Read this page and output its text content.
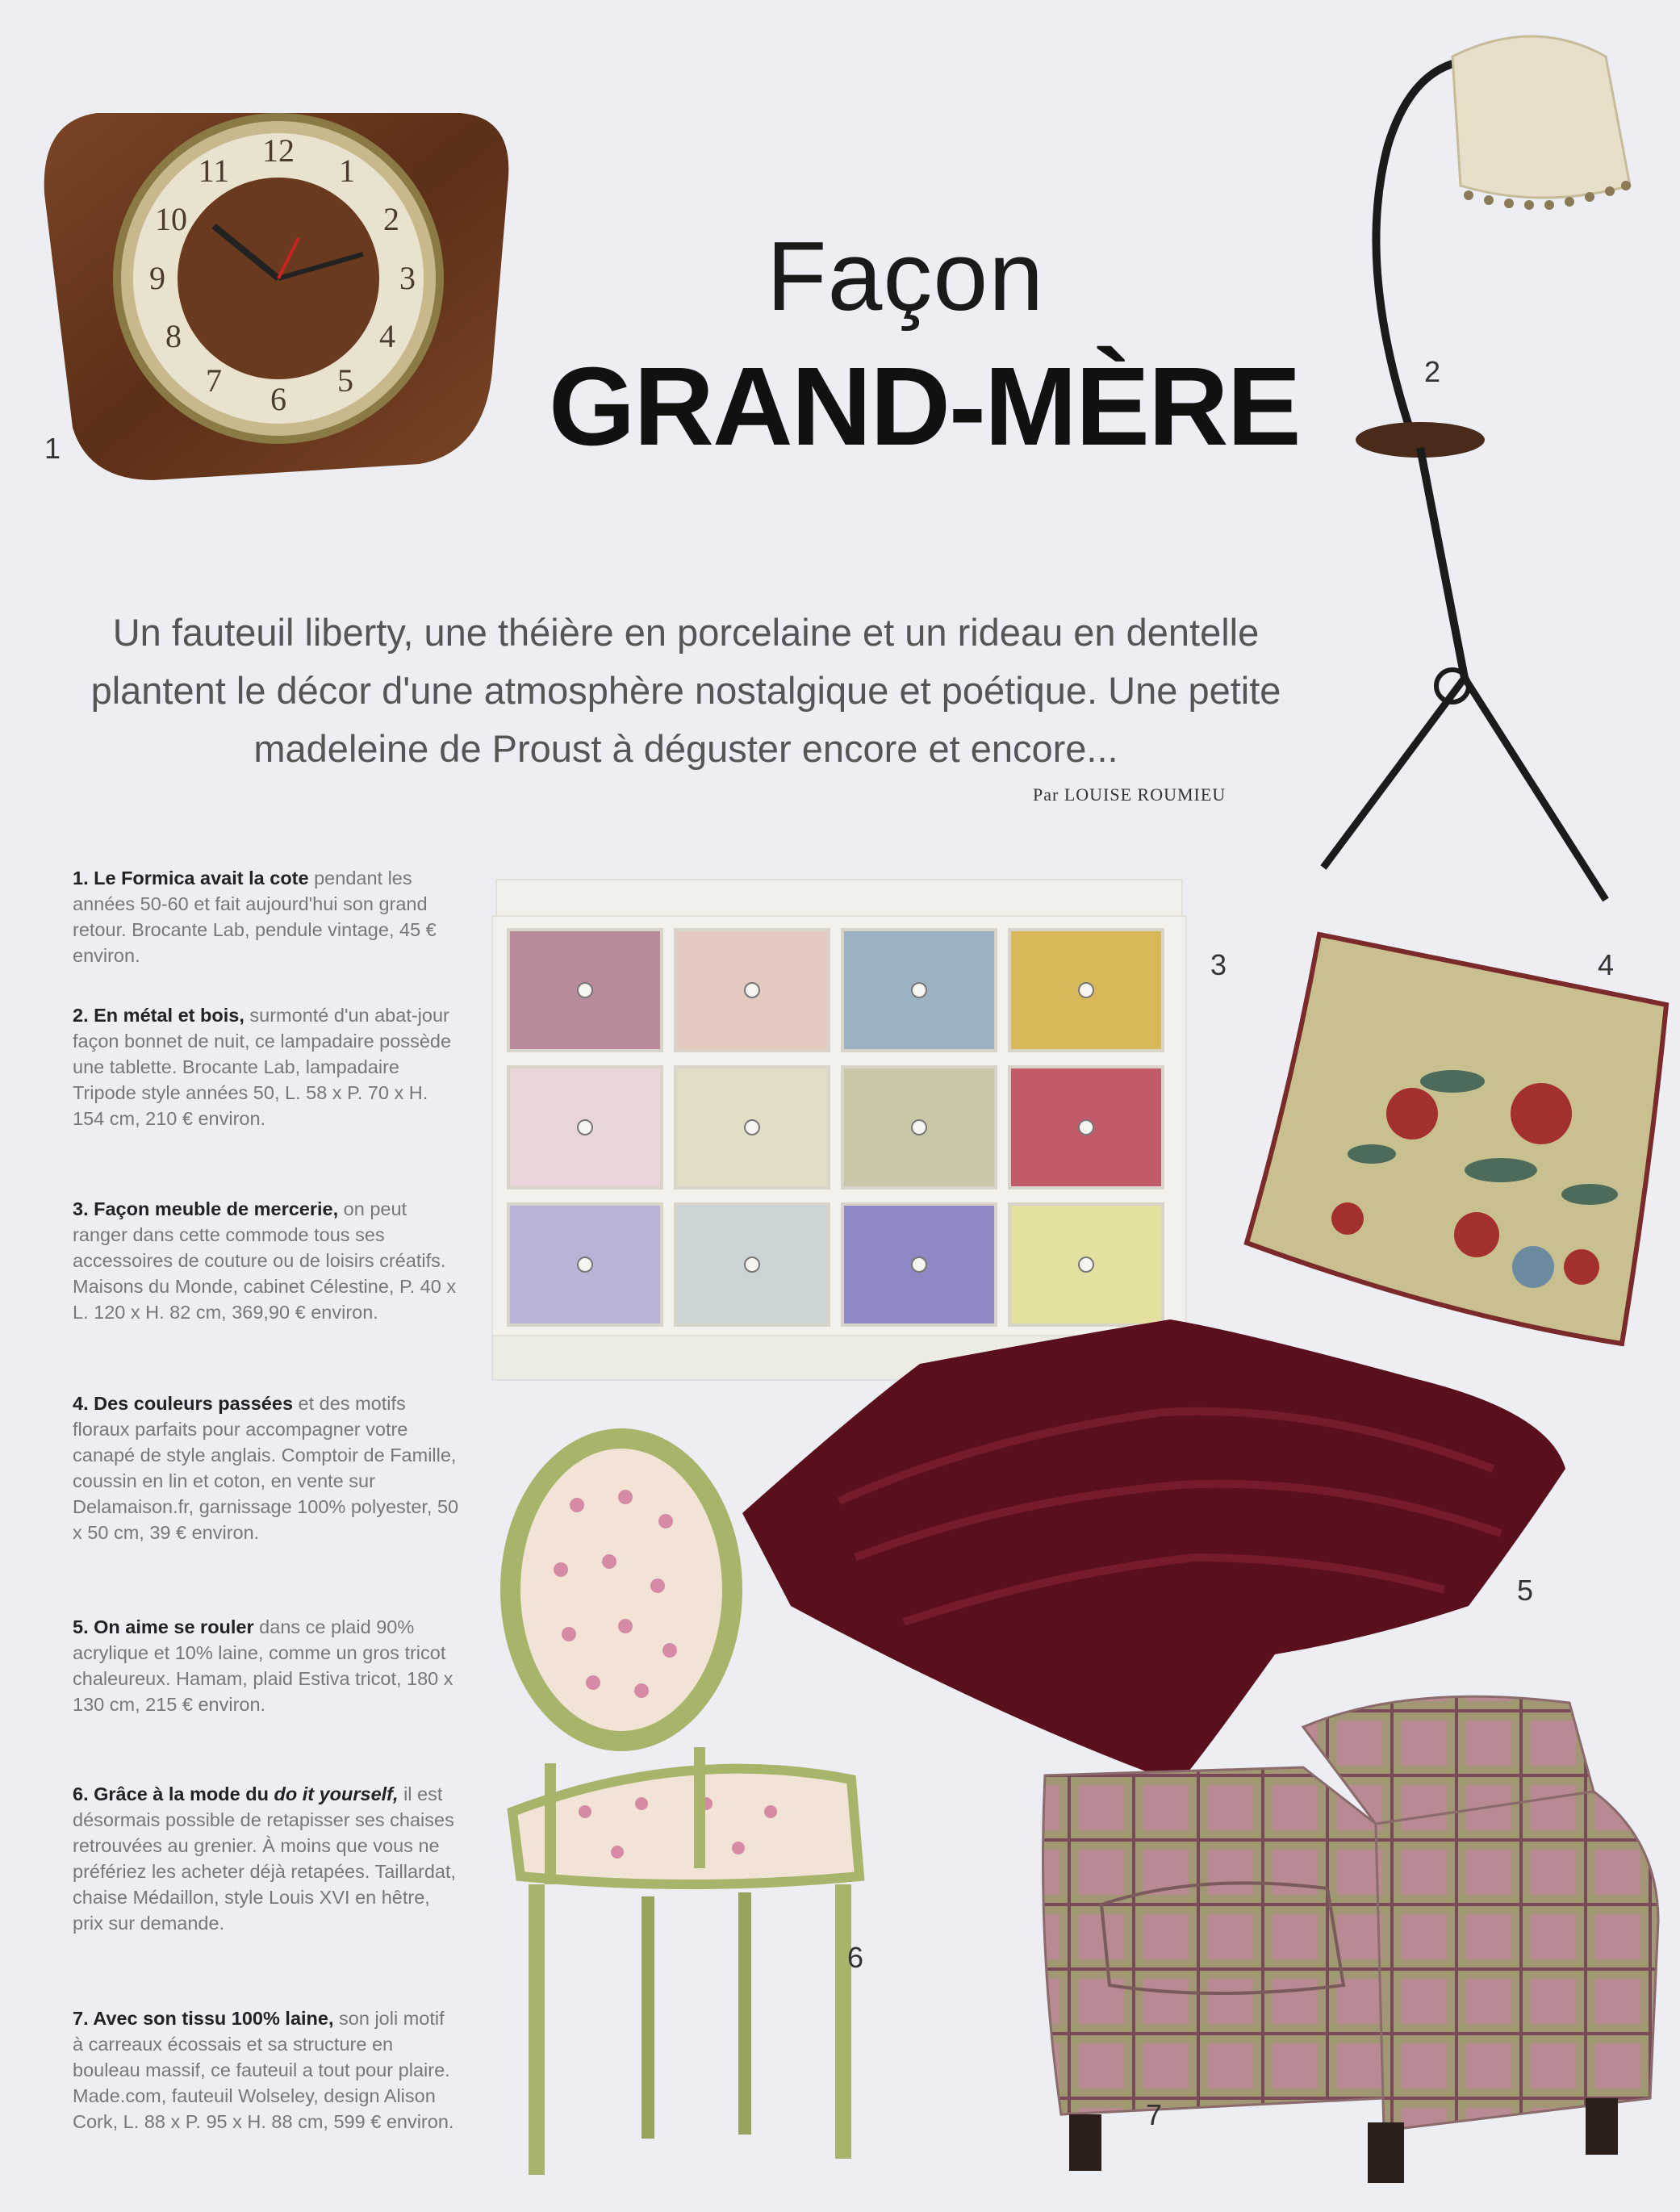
Façon
GRAND-MÈRE
Un fauteuil liberty, une théière en porcelaine et un rideau en dentelle plantent le décor d'une atmosphère nostalgique et poétique. Une petite madeleine de Proust à déguster encore et encore...
Par LOUISE ROUMIEU
12
1
2
3
4
5
6
7
8
9
10
11
1
2
3	4
5
6
7
1. Le Formica avait la cote pendant les années 50-60 et fait aujourd'hui son grand retour. Brocante Lab, pendule vintage, 45 € environ.
2. En métal et bois, surmonté d'un abat-jour façon bonnet de nuit, ce lampadaire possède une tablette. Brocante Lab, lampadaire Tripode style années 50, L. 58 x P. 70 x H. 154 cm, 210 € environ.
3. Façon meuble de mercerie, on peut ranger dans cette commode tous ses accessoires de couture ou de loisirs créatifs. Maisons du Monde, cabinet Célestine, P. 40 x L. 120 x H. 82 cm, 369,90 € environ.
4. Des couleurs passées et des motifs floraux parfaits pour accompagner votre canapé de style anglais. Comptoir de Famille, coussin en lin et coton, en vente sur Delamaison.fr, garnissage 100% polyester, 50 x 50 cm, 39 € environ.
5. On aime se rouler dans ce plaid 90% acrylique et 10% laine, comme un gros tricot chaleureux. Hamam, plaid Estiva tricot, 180 x 130 cm, 215 € environ.
6. Grâce à la mode du do it yourself, il est désormais possible de retapisser ses chaises retrouvées au grenier. À moins que vous ne préfériez les acheter déjà retapées. Taillardat, chaise Médaillon, style Louis XVI en hêtre, prix sur demande.
7. Avec son tissu 100% laine, son joli motif à carreaux écossais et sa structure en bouleau massif, ce fauteuil a tout pour plaire. Made.com, fauteuil Wolseley, design Alison Cork, L. 88 x P. 95 x H. 88 cm, 599 € environ.
